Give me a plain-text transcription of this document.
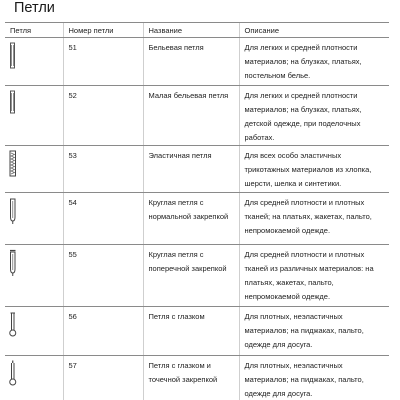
Петли
Петля	Номер петли	Название	Описание

	51	Бельевая петля	Для легких и средней плотности материалов; на блузках, платьях, постельном белье.

	52	Малая бельевая петля	Для легких и средней плотности материалов; на блузках, платьях, детской одежде, при поделочных работах.

	53	Эластичная петля	Для всех особо эластичных трикотажных материалов из хлопка, шерсти, шелка и синтетики.

	54	Круглая петля с нормальной закрепкой	Для средней плотности и плотных тканей; на платьях, жакетах, пальто, непромокаемой одежде.

	55	Круглая петля с поперечной закрепкой	Для средней плотности и плотных тканей из различных материалов: на платьях, жакетах, пальто, непромокаемой одежде.

	56	Петля с глазком	Для плотных, неэластичных материалов; на пиджаках, пальто, одежде для досуга.

	57	Петля с глазком и точечной закрепкой	Для плотных, неэластичных материалов; на пиджаках, пальто, одежде для досуга.
